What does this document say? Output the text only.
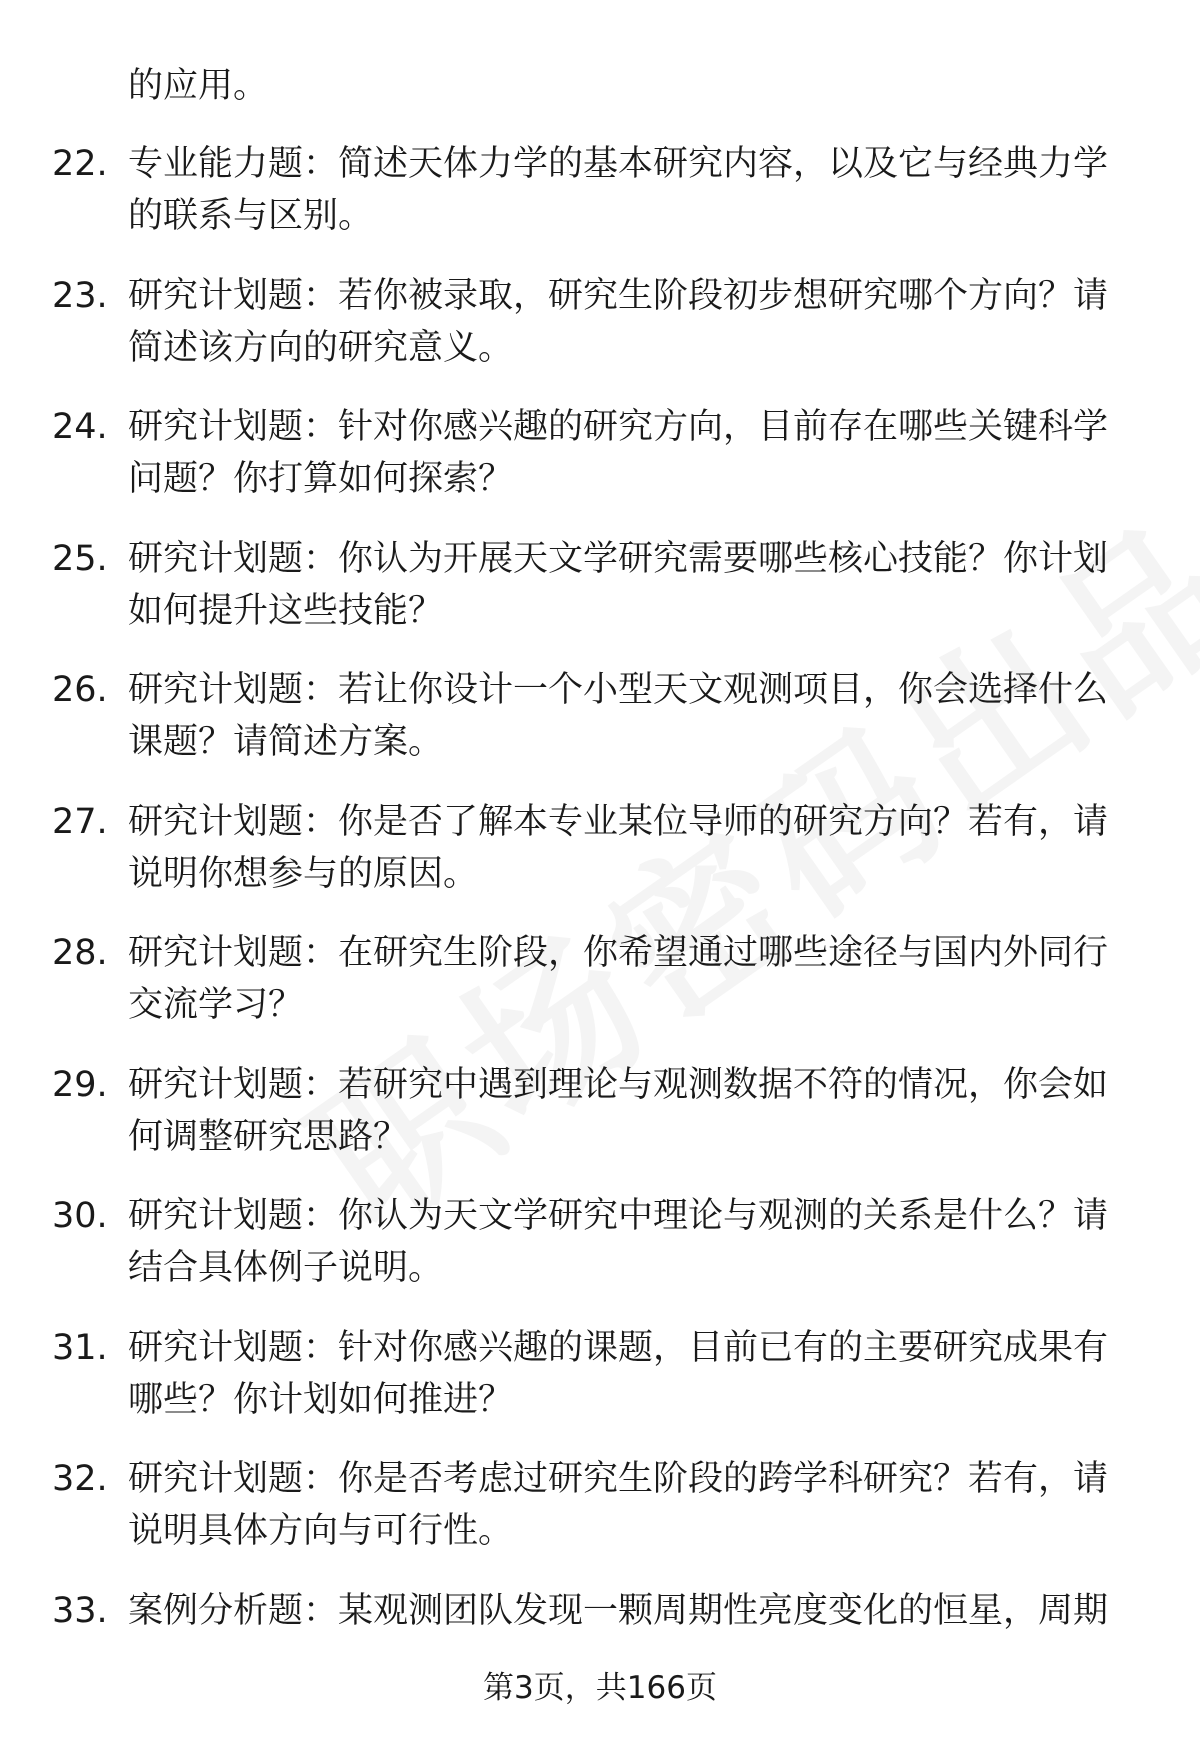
的应用。
22. 专业能力题：简述天体力学的基本研究内容，以及它与经典力学的联系与区别。
23. 研究计划题：若你被录取，研究生阶段初步想研究哪个方向？请简述该方向的研究意义。
24. 研究计划题：针对你感兴趣的研究方向，目前存在哪些关键科学问题？你打算如何探索？
25. 研究计划题：你认为开展天文学研究需要哪些核心技能？你计划如何提升这些技能？
26. 研究计划题：若让你设计一个小型天文观测项目，你会选择什么课题？请简述方案。
27. 研究计划题：你是否了解本专业某位导师的研究方向？若有，请说明你想参与的原因。
28. 研究计划题：在研究生阶段，你希望通过哪些途径与国内外同行交流学习？
29. 研究计划题：若研究中遇到理论与观测数据不符的情况，你会如何调整研究思路？
30. 研究计划题：你认为天文学研究中理论与观测的关系是什么？请结合具体例子说明。
31. 研究计划题：针对你感兴趣的课题，目前已有的主要研究成果有哪些？你计划如何推进？
32. 研究计划题：你是否考虑过研究生阶段的跨学科研究？若有，请说明具体方向与可行性。
33. 案例分析题：某观测团队发现一颗周期性亮度变化的恒星，周期
第3页，共166页
